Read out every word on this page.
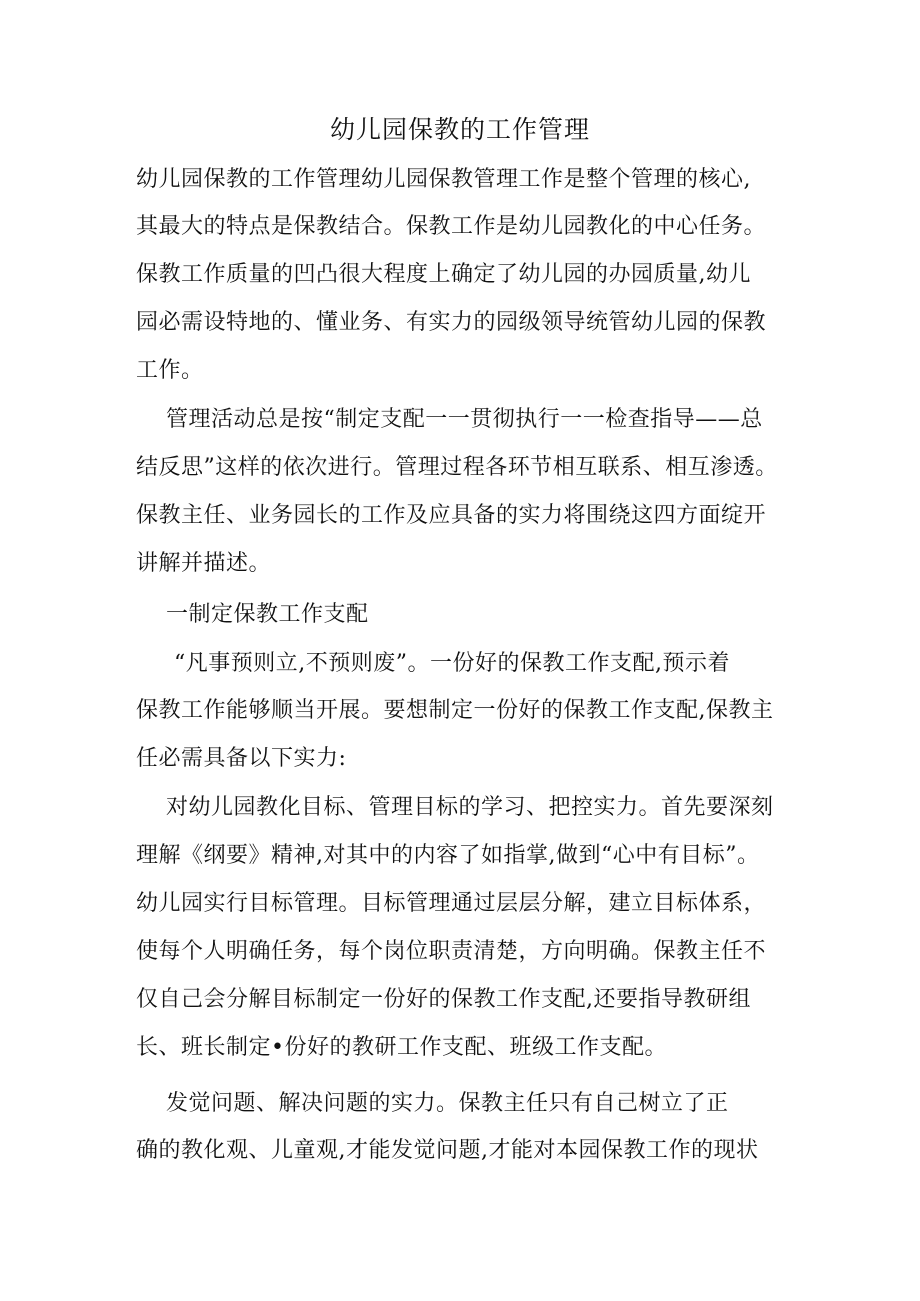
幼儿园保教的工作管理
幼儿园保教的工作管理幼儿园保教管理工作是整个管理的核心,
其最大的特点是保教结合。保教工作是幼儿园教化的中心任务。
保教工作质量的凹凸很大程度上确定了幼儿园的办园质量,幼儿
园必需设特地的、懂业务、有实力的园级领导统管幼儿园的保教
工作。
管理活动总是按“制定支配一一贯彻执行一一检查指导——总
结反思”这样的依次进行。管理过程各环节相互联系、相互渗透。
保教主任、业务园长的工作及应具备的实力将围绕这四方面绽开
讲解并描述。
一制定保教工作支配
“凡事预则立,不预则废”。一份好的保教工作支配,预示着
保教工作能够顺当开展。要想制定一份好的保教工作支配,保教主
任必需具备以下实力:
对幼儿园教化目标、管理目标的学习、把控实力。首先要深刻
理解《纲要》精神,对其中的内容了如指掌,做到“心中有目标”。
幼儿园实行目标管理。目标管理通过层层分解，建立目标体系，
使每个人明确任务，每个岗位职责清楚，方向明确。保教主任不
仅自己会分解目标制定一份好的保教工作支配,还要指导教研组
长、班长制定•份好的教研工作支配、班级工作支配。
发觉问题、解决问题的实力。保教主任只有自己树立了正
确的教化观、儿童观,才能发觉问题,才能对本园保教工作的现状
